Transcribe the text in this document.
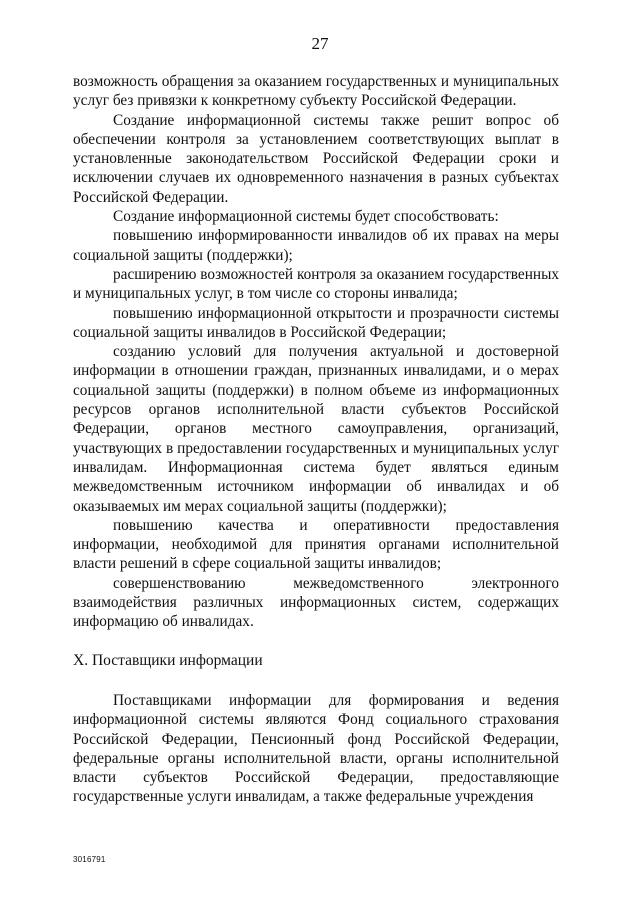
27

возможность обращения за оказанием государственных и муниципальных услуг без привязки к конкретному субъекту Российской Федерации.

Создание информационной системы также решит вопрос об обеспечении контроля за установлением соответствующих выплат в установленные законодательством Российской Федерации сроки и исключении случаев их одновременного назначения в разных субъектах Российской Федерации.

Создание информационной системы будет способствовать:

повышению информированности инвалидов об их правах на меры социальной защиты (поддержки);

расширению возможностей контроля за оказанием государственных и муниципальных услуг, в том числе со стороны инвалида;

повышению информационной открытости и прозрачности системы социальной защиты инвалидов в Российской Федерации;

созданию условий для получения актуальной и достоверной информации в отношении граждан, признанных инвалидами, и о мерах социальной защиты (поддержки) в полном объеме из информационных ресурсов органов исполнительной власти субъектов Российской Федерации, органов местного самоуправления, организаций, участвующих в предоставлении государственных и муниципальных услуг инвалидам. Информационная система будет являться единым межведомственным источником информации об инвалидах и об оказываемых им мерах социальной защиты (поддержки);

повышению качества и оперативности предоставления информации, необходимой для принятия органами исполнительной власти решений в сфере социальной защиты инвалидов;

совершенствованию межведомственного электронного взаимодействия различных информационных систем, содержащих информацию об инвалидах.

X. Поставщики информации

Поставщиками информации для формирования и ведения информационной системы являются Фонд социального страхования Российской Федерации, Пенсионный фонд Российской Федерации, федеральные органы исполнительной власти, органы исполнительной власти субъектов Российской Федерации, предоставляющие государственные услуги инвалидам, а также федеральные учреждения

3016791
